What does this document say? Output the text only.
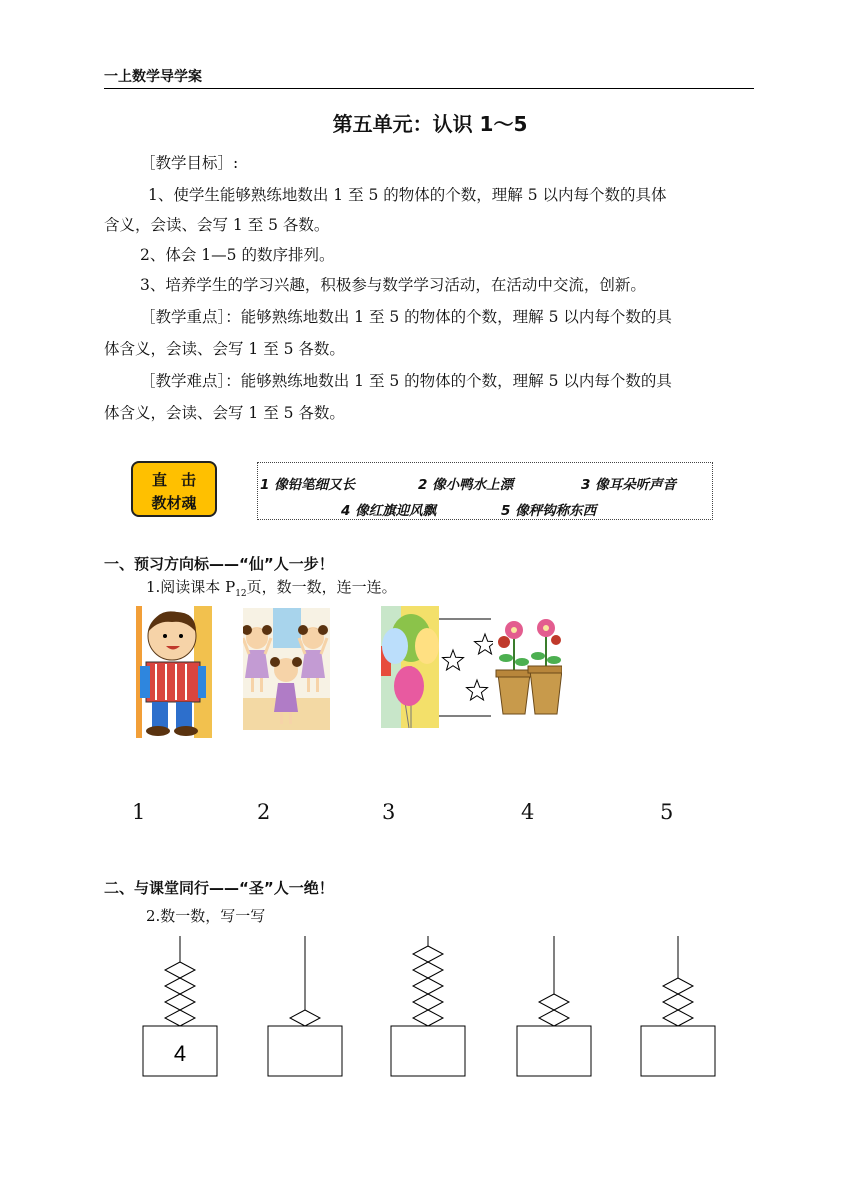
一上数学导学案
第五单元：认识 1～5
［教学目标］:
1、使学生能够熟练地数出 1 至 5 的物体的个数，理解 5 以内每个数的具体
含义，会读、会写 1 至 5 各数。
2、体会 1—5 的数序排列。
3、培养学生的学习兴趣，积极参与数学学习活动，在活动中交流，创新。
［教学重点］：能够熟练地数出 1 至 5 的物体的个数，理解 5 以内每个数的具
体含义，会读、会写 1 至 5 各数。
［教学难点］：能够熟练地数出 1 至 5 的物体的个数，理解 5 以内每个数的具
体含义，会读、会写 1 至 5 各数。
直击
教材魂
1 像铅笔细又长	2 像小鸭水上漂	3 像耳朵听声音
4 像红旗迎风飘	5 像秤钩称东西
一、预习方向标——“仙”人一步！
1.阅读课本 $P_{12}$页，数一数，连一连。
1	2	3	4	5
二、与课堂同行——“圣”人一绝！
2.数一数，写一写
4
